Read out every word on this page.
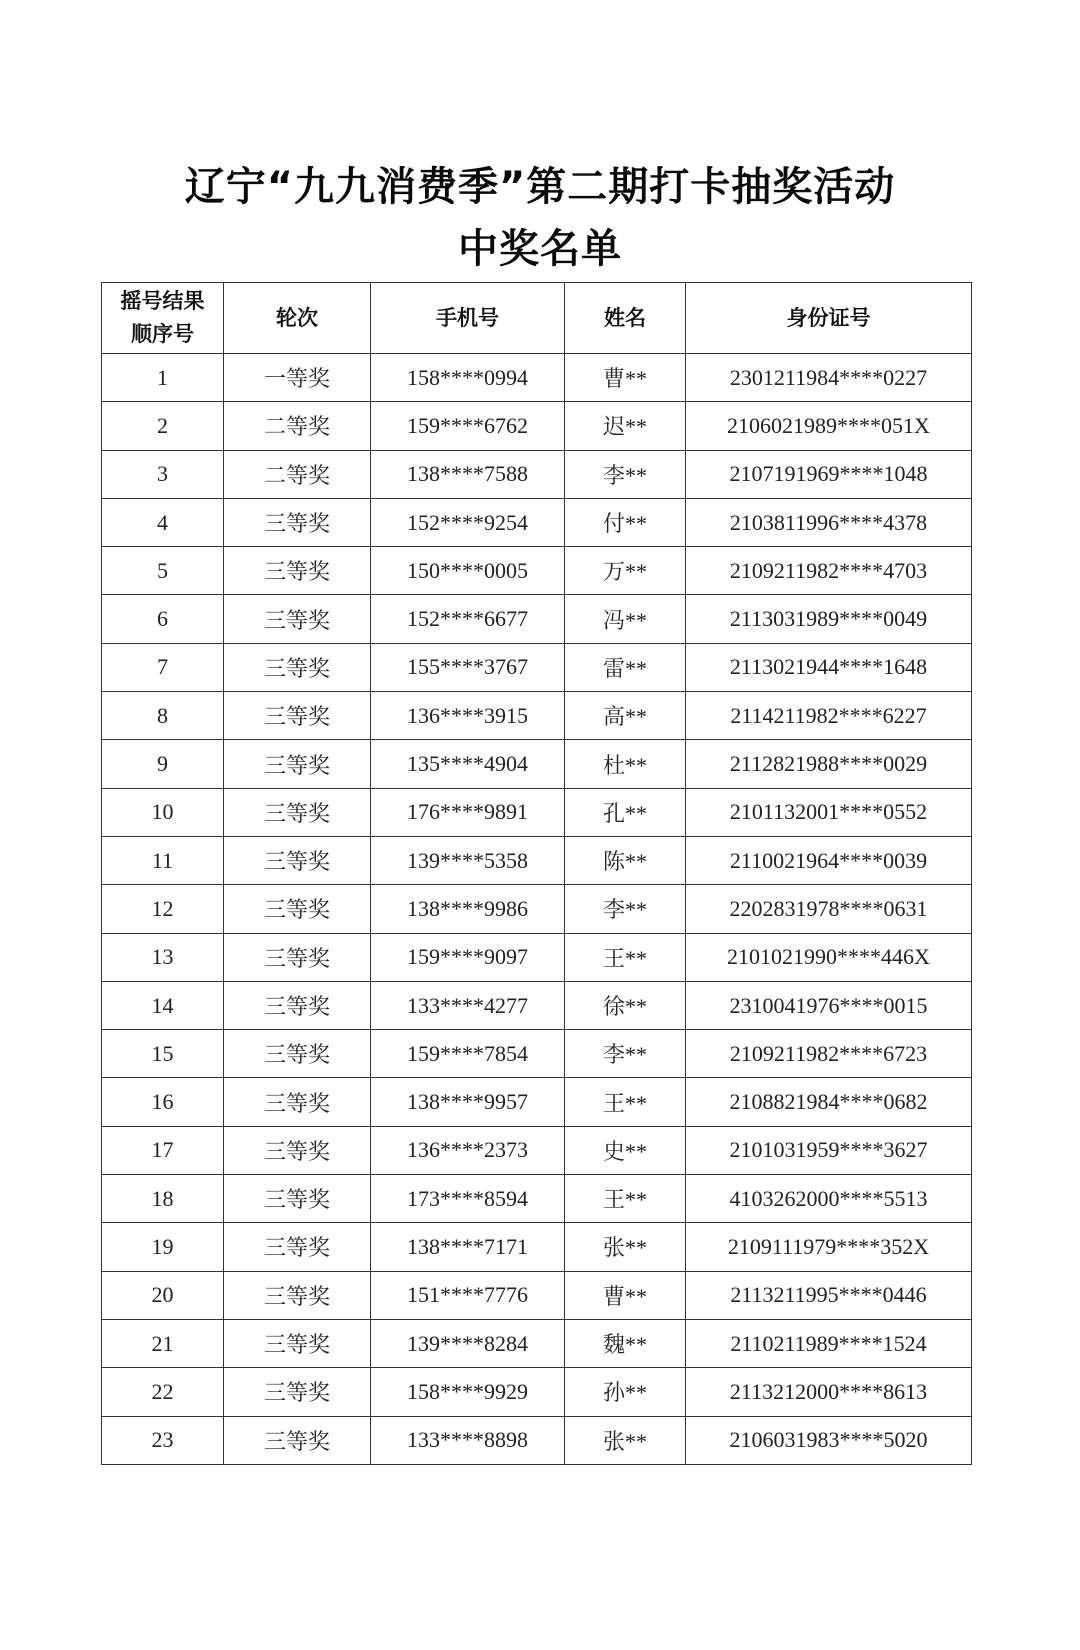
辽宁“九九消费季”第二期打卡抽奖活动
中奖名单
摇号结果
顺序号	轮次	手机号	姓名	身份证号
1	一等奖	158****0994	曹**	2301211984****0227
2	二等奖	159****6762	迟**	2106021989****051X
3	二等奖	138****7588	李**	2107191969****1048
4	三等奖	152****9254	付**	2103811996****4378
5	三等奖	150****0005	万**	2109211982****4703
6	三等奖	152****6677	冯**	2113031989****0049
7	三等奖	155****3767	雷**	2113021944****1648
8	三等奖	136****3915	高**	2114211982****6227
9	三等奖	135****4904	杜**	2112821988****0029
10	三等奖	176****9891	孔**	2101132001****0552
11	三等奖	139****5358	陈**	2110021964****0039
12	三等奖	138****9986	李**	2202831978****0631
13	三等奖	159****9097	王**	2101021990****446X
14	三等奖	133****4277	徐**	2310041976****0015
15	三等奖	159****7854	李**	2109211982****6723
16	三等奖	138****9957	王**	2108821984****0682
17	三等奖	136****2373	史**	2101031959****3627
18	三等奖	173****8594	王**	4103262000****5513
19	三等奖	138****7171	张**	2109111979****352X
20	三等奖	151****7776	曹**	2113211995****0446
21	三等奖	139****8284	魏**	2110211989****1524
22	三等奖	158****9929	孙**	2113212000****8613
23	三等奖	133****8898	张**	2106031983****5020
